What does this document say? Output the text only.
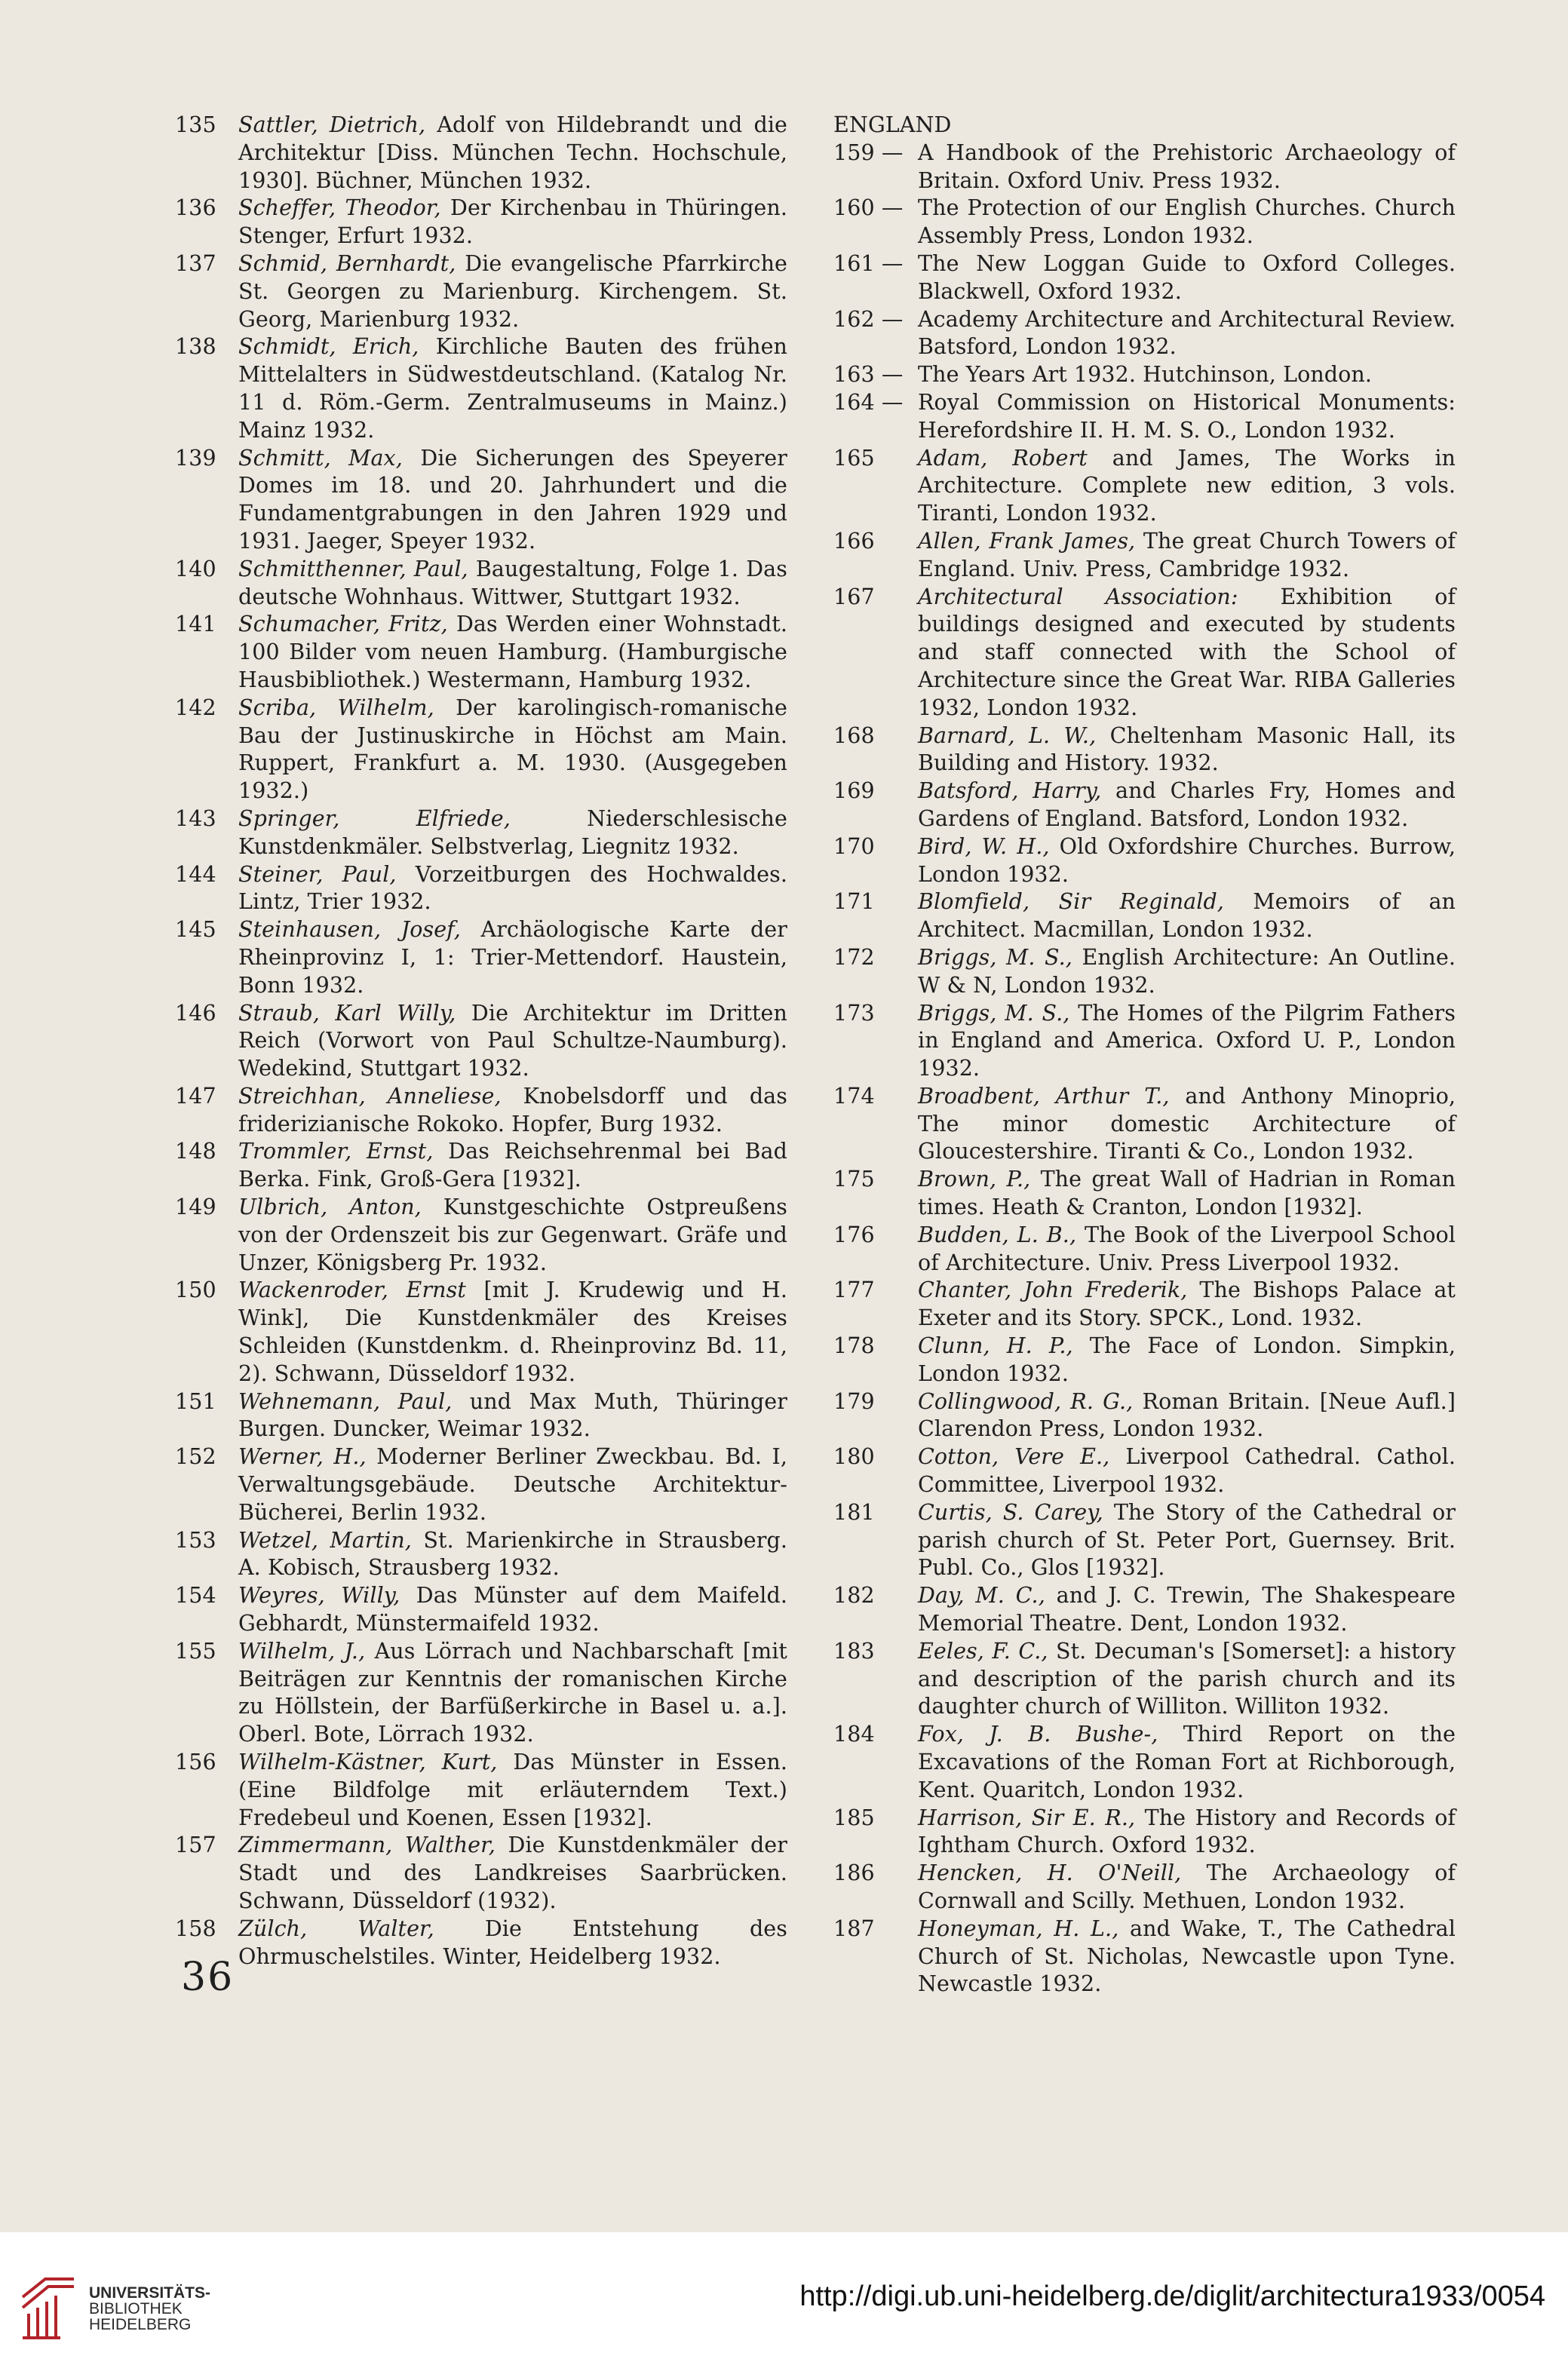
135	Sattler, Dietrich, Adolf von Hildebrandt und die Architektur [Diss. München Techn. Hochschule, 1930]. Büchner, München 1932.
136	Scheffer, Theodor, Der Kirchenbau in Thüringen. Stenger, Erfurt 1932.
137	Schmid, Bernhardt, Die evangelische Pfarrkirche St. Georgen zu Marienburg. Kirchengem. St. Georg, Marienburg 1932.
138	Schmidt, Erich, Kirchliche Bauten des frühen Mittelalters in Südwestdeutschland. (Katalog Nr. 11 d. Röm.-Germ. Zentralmuseums in Mainz.) Mainz 1932.
139	Schmitt, Max, Die Sicherungen des Speyerer Domes im 18. und 20. Jahrhundert und die Fundamentgrabungen in den Jahren 1929 und 1931. Jaeger, Speyer 1932.
140	Schmitthenner, Paul, Baugestaltung, Folge 1. Das deutsche Wohnhaus. Wittwer, Stuttgart 1932.
141	Schumacher, Fritz, Das Werden einer Wohnstadt. 100 Bilder vom neuen Hamburg. (Hamburgische Hausbibliothek.) Westermann, Hamburg 1932.
142	Scriba, Wilhelm, Der karolingisch-romanische Bau der Justinuskirche in Höchst am Main. Ruppert, Frankfurt a. M. 1930. (Ausgegeben 1932.)
143	Springer, Elfriede, Niederschlesische Kunstdenkmäler. Selbstverlag, Liegnitz 1932.
144	Steiner, Paul, Vorzeitburgen des Hochwaldes. Lintz, Trier 1932.
145	Steinhausen, Josef, Archäologische Karte der Rheinprovinz I, 1: Trier-Mettendorf. Haustein, Bonn 1932.
146	Straub, Karl Willy, Die Architektur im Dritten Reich (Vorwort von Paul Schultze-Naumburg). Wedekind, Stuttgart 1932.
147	Streichhan, Anneliese, Knobelsdorff und das friderizianische Rokoko. Hopfer, Burg 1932.
148	Trommler, Ernst, Das Reichsehrenmal bei Bad Berka. Fink, Groß-Gera [1932].
149	Ulbrich, Anton, Kunstgeschichte Ostpreußens von der Ordenszeit bis zur Gegenwart. Gräfe und Unzer, Königsberg Pr. 1932.
150	Wackenroder, Ernst [mit J. Krudewig und H. Wink], Die Kunstdenkmäler des Kreises Schleiden (Kunstdenkm. d. Rheinprovinz Bd. 11, 2). Schwann, Düsseldorf 1932.
151	Wehnemann, Paul, und Max Muth, Thüringer Burgen. Duncker, Weimar 1932.
152	Werner, H., Moderner Berliner Zweckbau. Bd. I, Verwaltungsgebäude. Deutsche Architektur-Bücherei, Berlin 1932.
153	Wetzel, Martin, St. Marienkirche in Strausberg. A. Kobisch, Strausberg 1932.
154	Weyres, Willy, Das Münster auf dem Maifeld. Gebhardt, Münstermaifeld 1932.
155	Wilhelm, J., Aus Lörrach und Nachbarschaft [mit Beiträgen zur Kenntnis der romanischen Kirche zu Höllstein, der Barfüßerkirche in Basel u. a.]. Oberl. Bote, Lörrach 1932.
156	Wilhelm-Kästner, Kurt, Das Münster in Essen. (Eine Bildfolge mit erläuterndem Text.) Fredebeul und Koenen, Essen [1932].
157	Zimmermann, Walther, Die Kunstdenkmäler der Stadt und des Landkreises Saarbrücken. Schwann, Düsseldorf (1932).
158	Zülch, Walter, Die Entstehung des Ohrmuschelstiles. Winter, Heidelberg 1932.
ENGLAND
159 — A Handbook of the Prehistoric Archaeology of Britain. Oxford Univ. Press 1932.
160 — The Protection of our English Churches. Church Assembly Press, London 1932.
161 — The New Loggan Guide to Oxford Colleges. Blackwell, Oxford 1932.
162 — Academy Architecture and Architectural Review. Batsford, London 1932.
163 — The Years Art 1932. Hutchinson, London.
164 — Royal Commission on Historical Monuments: Herefordshire II. H. M. S. O., London 1932.
165	Adam, Robert and James, The Works in Architecture. Complete new edition, 3 vols. Tiranti, London 1932.
166	Allen, Frank James, The great Church Towers of England. Univ. Press, Cambridge 1932.
167	Architectural Association: Exhibition of buildings designed and executed by students and staff connected with the School of Architecture since the Great War. RIBA Galleries 1932, London 1932.
168	Barnard, L. W., Cheltenham Masonic Hall, its Building and History. 1932.
169	Batsford, Harry, and Charles Fry, Homes and Gardens of England. Batsford, London 1932.
170	Bird, W. H., Old Oxfordshire Churches. Burrow, London 1932.
171	Blomfield, Sir Reginald, Memoirs of an Architect. Macmillan, London 1932.
172	Briggs, M. S., English Architecture: An Outline. W & N, London 1932.
173	Briggs, M. S., The Homes of the Pilgrim Fathers in England and America. Oxford U. P., London 1932.
174	Broadbent, Arthur T., and Anthony Minoprio, The minor domestic Architecture of Gloucestershire. Tiranti & Co., London 1932.
175	Brown, P., The great Wall of Hadrian in Roman times. Heath & Cranton, London [1932].
176	Budden, L. B., The Book of the Liverpool School of Architecture. Univ. Press Liverpool 1932.
177	Chanter, John Frederik, The Bishops Palace at Exeter and its Story. SPCK., Lond. 1932.
178	Clunn, H. P., The Face of London. Simpkin, London 1932.
179	Collingwood, R. G., Roman Britain. [Neue Aufl.] Clarendon Press, London 1932.
180	Cotton, Vere E., Liverpool Cathedral. Cathol. Committee, Liverpool 1932.
181	Curtis, S. Carey, The Story of the Cathedral or parish church of St. Peter Port, Guernsey. Brit. Publ. Co., Glos [1932].
182	Day, M. C., and J. C. Trewin, The Shakespeare Memorial Theatre. Dent, London 1932.
183	Eeles, F. C., St. Decuman's [Somerset]: a history and description of the parish church and its daughter church of Williton. Williton 1932.
184	Fox, J. B. Bushe-, Third Report on the Excavations of the Roman Fort at Richborough, Kent. Quaritch, London 1932.
185	Harrison, Sir E. R., The History and Records of Ightham Church. Oxford 1932.
186	Hencken, H. O'Neill, The Archaeology of Cornwall and Scilly. Methuen, London 1932.
187	Honeyman, H. L., and Wake, T., The Cathedral Church of St. Nicholas, Newcastle upon Tyne. Newcastle 1932.
36
UNIVERSITÄTS-
BIBLIOTHEK
HEIDELBERG
http://digi.ub.uni-heidelberg.de/diglit/architectura1933/0054
